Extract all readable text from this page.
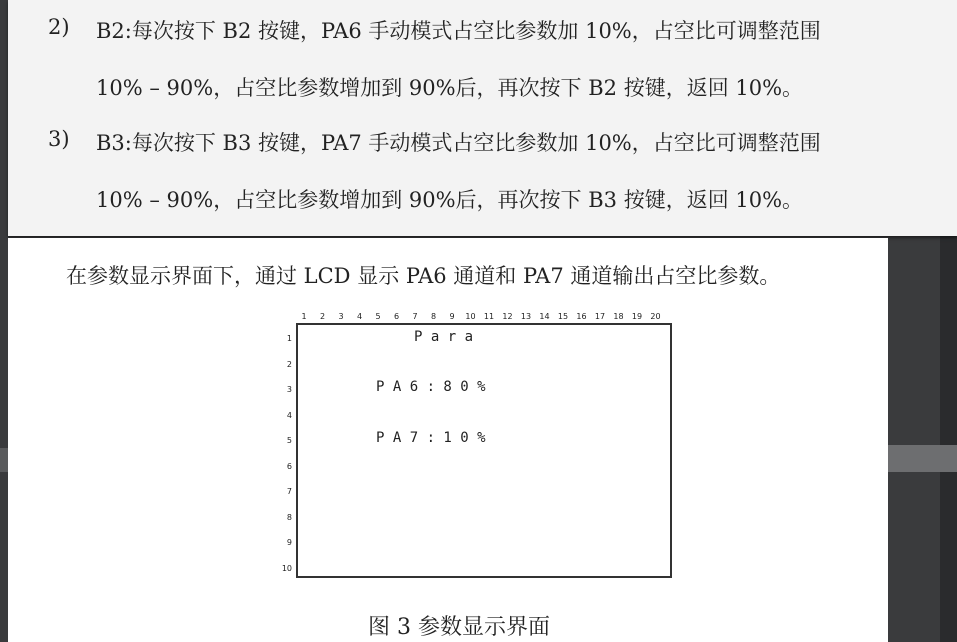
2) B2:每次按下 B2 按键，PA6 手动模式占空比参数加 10%，占空比可调整范围
10% – 90%，占空比参数增加到 90%后，再次按下 B2 按键，返回 10%。
3) B3:每次按下 B3 按键，PA7 手动模式占空比参数加 10%，占空比可调整范围
10% – 90%，占空比参数增加到 90%后，再次按下 B3 按键，返回 10%。
在参数显示界面下，通过 LCD 显示 PA6 通道和 PA7 通道输出占空比参数。
1 2 3 4 5 6 7 8 9 10 11 12 13 14 15 16 17 18 19 20
1
2
3
4
5
6
7
8
9
10
P a r a
P A 6 : 8 0 %
P A 7 : 1 0 %
图 3 参数显示界面
